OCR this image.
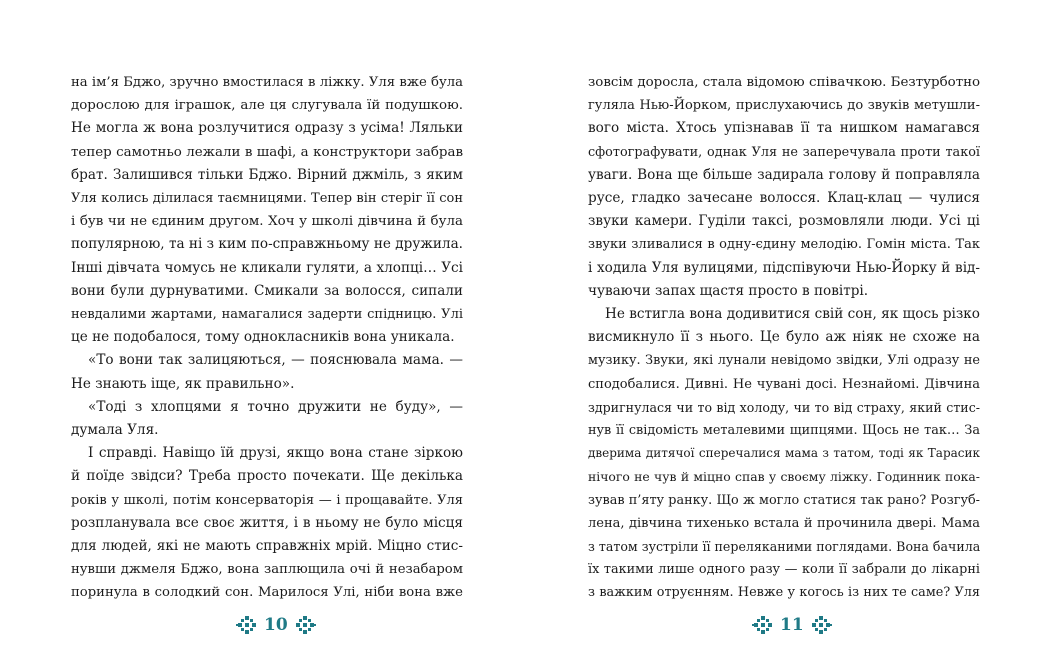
на ім’я Бджо, зручно вмостилася в ліжку. Уля вже була
дорослою для іграшок, але ця слугувала їй подушкою.
Не могла ж вона розлучитися одразу з усіма! Ляльки
тепер самотньо лежали в шафі, а конструктори забрав
брат. Залишився тільки Бджо. Вірний джміль, з яким
Уля колись ділилася таємницями. Тепер він стеріг її сон
і був чи не єдиним другом. Хоч у школі дівчина й була
популярною, та ні з ким по-справжньому не дружила.
Інші дівчата чомусь не кликали гуляти, а хлопці… Усі
вони були дурнуватими. Смикали за волосся, сипали
невдалими жартами, намагалися задерти спідницю. Улі
це не подобалося, тому однокласників вона уникала.
«То вони так залицяються, — пояснювала мама. —
Не знають іще, як правильно».
«Тоді з хлопцями я точно дружити не буду», —
думала Уля.
І справді. Навіщо їй друзі, якщо вона стане зіркою
й поїде звідси? Треба просто почекати. Ще декілька
років у школі, потім консерваторія — і прощавайте. Уля
розпланувала все своє життя, і в ньому не було місця
для людей, які не мають справжніх мрій. Міцно стис-
нувши джмеля Бджо, вона заплющила очі й незабаром
поринула в солодкий сон. Марилося Улі, ніби вона вже
зовсім доросла, стала відомою співачкою. Безтурботно
гуляла Нью-Йорком, прислухаючись до звуків метушли-
вого міста. Хтось упізнавав її та нишком намагався
сфотографувати, однак Уля не заперечувала проти такої
уваги. Вона ще більше задирала голову й поправляла
русе, гладко зачесане волосся. Клац-клац — чулися
звуки камери. Гуділи таксі, розмовляли люди. Усі ці
звуки зливалися в одну-єдину мелодію. Гомін міста. Так
і ходила Уля вулицями, підспівуючи Нью-Йорку й від-
чуваючи запах щастя просто в повітрі.
Не встигла вона додивитися свій сон, як щось різко
висмикнуло її з нього. Це було аж ніяк не схоже на
музику. Звуки, які лунали невідомо звідки, Улі одразу не
сподобалися. Дивні. Не чувані досі. Незнайомі. Дівчина
здригнулася чи то від холоду, чи то від страху, який стис-
нув її свідомість металевими щипцями. Щось не так… За
дверима дитячої сперечалися мама з татом, тоді як Тарасик
нічого не чув й міцно спав у своєму ліжку. Годинник пока-
зував п’яту ранку. Що ж могло статися так рано? Розгуб-
лена, дівчина тихенько встала й прочинила двері. Мама
з татом зустріли її переляканими поглядами. Вона бачила
їх такими лише одного разу — коли її забрали до лікарні
з важким отруєнням. Невже у когось із них те саме? Уля
10	11
